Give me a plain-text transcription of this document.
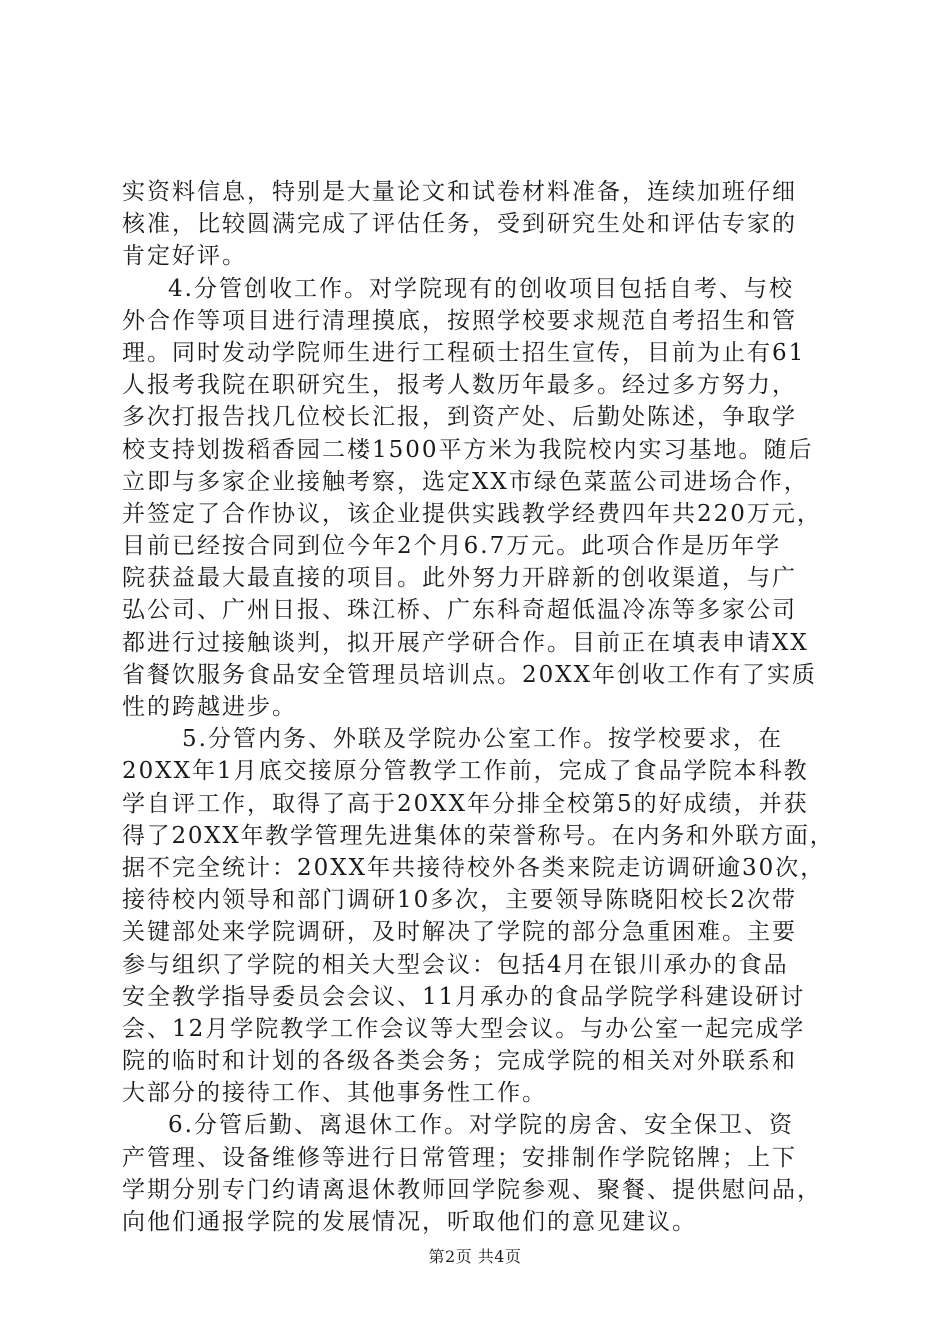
实资料信息，特别是大量论文和试卷材料准备，连续加班仔细
核准，比较圆满完成了评估任务，受到研究生处和评估专家的
肯定好评。
4.分管创收工作。对学院现有的创收项目包括自考、与校
外合作等项目进行清理摸底，按照学校要求规范自考招生和管
理。同时发动学院师生进行工程硕士招生宣传，目前为止有61
人报考我院在职研究生，报考人数历年最多。经过多方努力，
多次打报告找几位校长汇报，到资产处、后勤处陈述，争取学
校支持划拨稻香园二楼1500平方米为我院校内实习基地。随后
立即与多家企业接触考察，选定XX市绿色菜蓝公司进场合作，
并签定了合作协议，该企业提供实践教学经费四年共220万元，
目前已经按合同到位今年2个月6.7万元。此项合作是历年学
院获益最大最直接的项目。此外努力开辟新的创收渠道，与广
弘公司、广州日报、珠江桥、广东科奇超低温冷冻等多家公司
都进行过接触谈判，拟开展产学研合作。目前正在填表申请XX
省餐饮服务食品安全管理员培训点。20XX年创收工作有了实质
性的跨越进步。
5.分管内务、外联及学院办公室工作。按学校要求，在
20XX年1月底交接原分管教学工作前，完成了食品学院本科教
学自评工作，取得了高于20XX年分排全校第5的好成绩，并获
得了20XX年教学管理先进集体的荣誉称号。在内务和外联方面，
据不完全统计：20XX年共接待校外各类来院走访调研逾30次，
接待校内领导和部门调研10多次，主要领导陈晓阳校长2次带
关键部处来学院调研，及时解决了学院的部分急重困难。主要
参与组织了学院的相关大型会议：包括4月在银川承办的食品
安全教学指导委员会会议、11月承办的食品学院学科建设研讨
会、12月学院教学工作会议等大型会议。与办公室一起完成学
院的临时和计划的各级各类会务；完成学院的相关对外联系和
大部分的接待工作、其他事务性工作。
6.分管后勤、离退休工作。对学院的房舍、安全保卫、资
产管理、设备维修等进行日常管理；安排制作学院铭牌；上下
学期分别专门约请离退休教师回学院参观、聚餐、提供慰问品，
向他们通报学院的发展情况，听取他们的意见建议。
第2页 共4页
